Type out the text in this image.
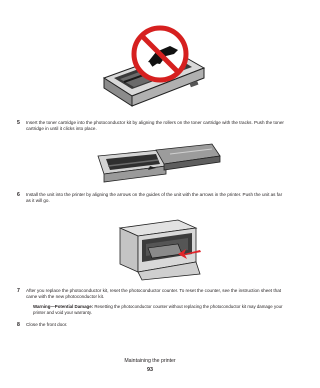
5 Insert the toner cartridge into the photoconductor kit by aligning the rollers on the toner cartridge with the tracks. Push the toner cartridge in until it clicks into place.
6 Install the unit into the printer by aligning the arrows on the guides of the unit with the arrows in the printer. Push the unit as far as it will go.
7 After you replace the photoconductor kit, reset the photoconductor counter. To reset the counter, see the instruction sheet that came with the new photoconductor kit.
Warning—Potential Damage: Resetting the photoconductor counter without replacing the photoconductor kit may damage your printer and void your warranty.
8 Close the front door.
Maintaining the printer
93
